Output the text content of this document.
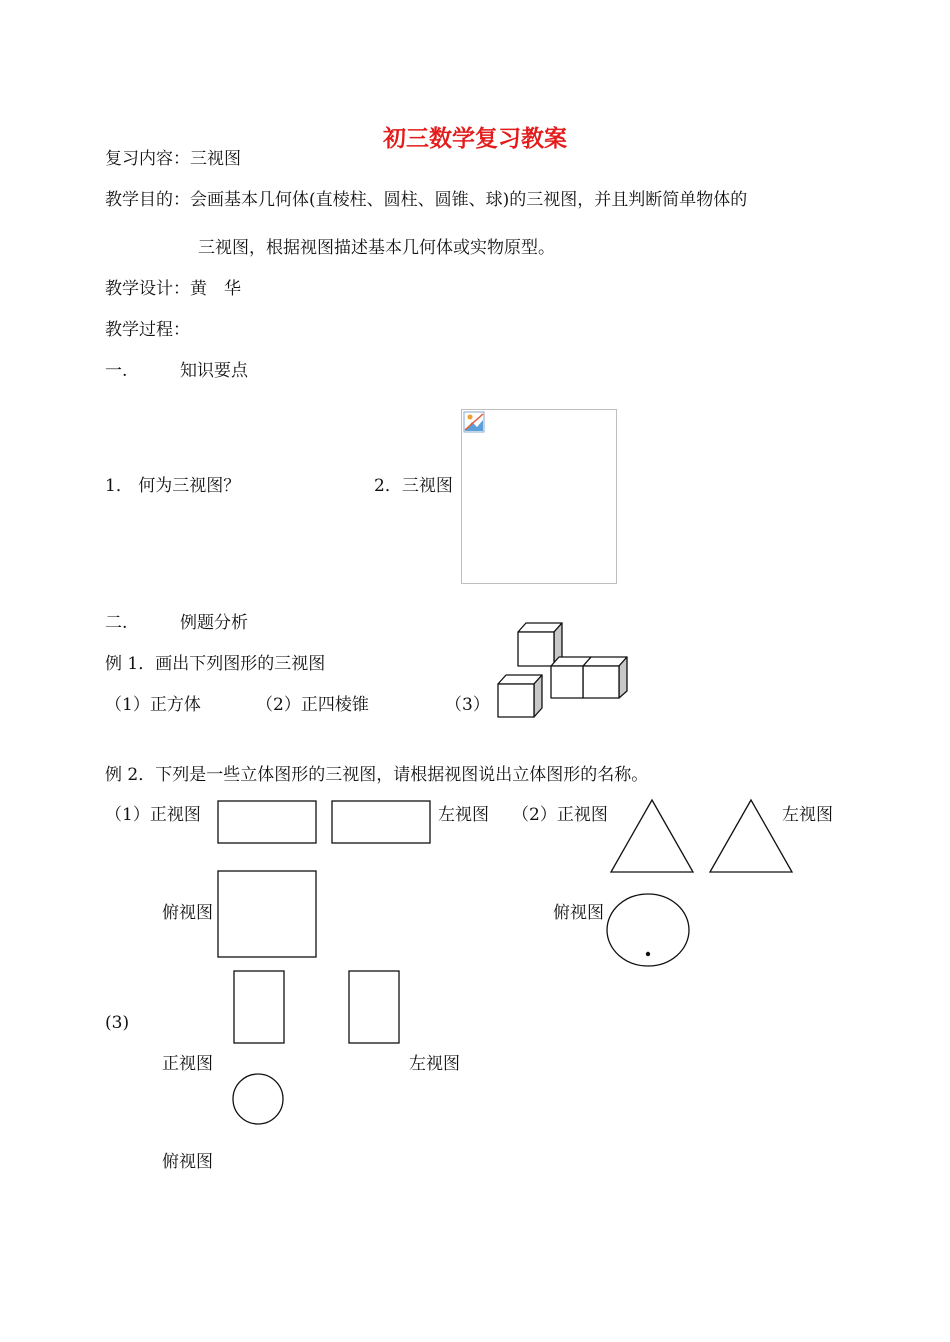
初三数学复习教案
复习内容：三视图
教学目的：会画基本几何体(直棱柱、圆柱、圆锥、球)的三视图，并且判断简单物体的
三视图，根据视图描述基本几何体或实物原型。
教学设计：黄　华
教学过程：
一.	知识要点
1． 何为三视图？	2．三视图
二.	例题分析
例 1．画出下列图形的三视图
（1）正方体	（2）正四棱锥	（3）
例 2．下列是一些立体图形的三视图，请根据视图说出立体图形的名称。
（1）正视图	左视图
俯视图
（2）正视图	左视图
俯视图
(3)
正视图	左视图
俯视图
